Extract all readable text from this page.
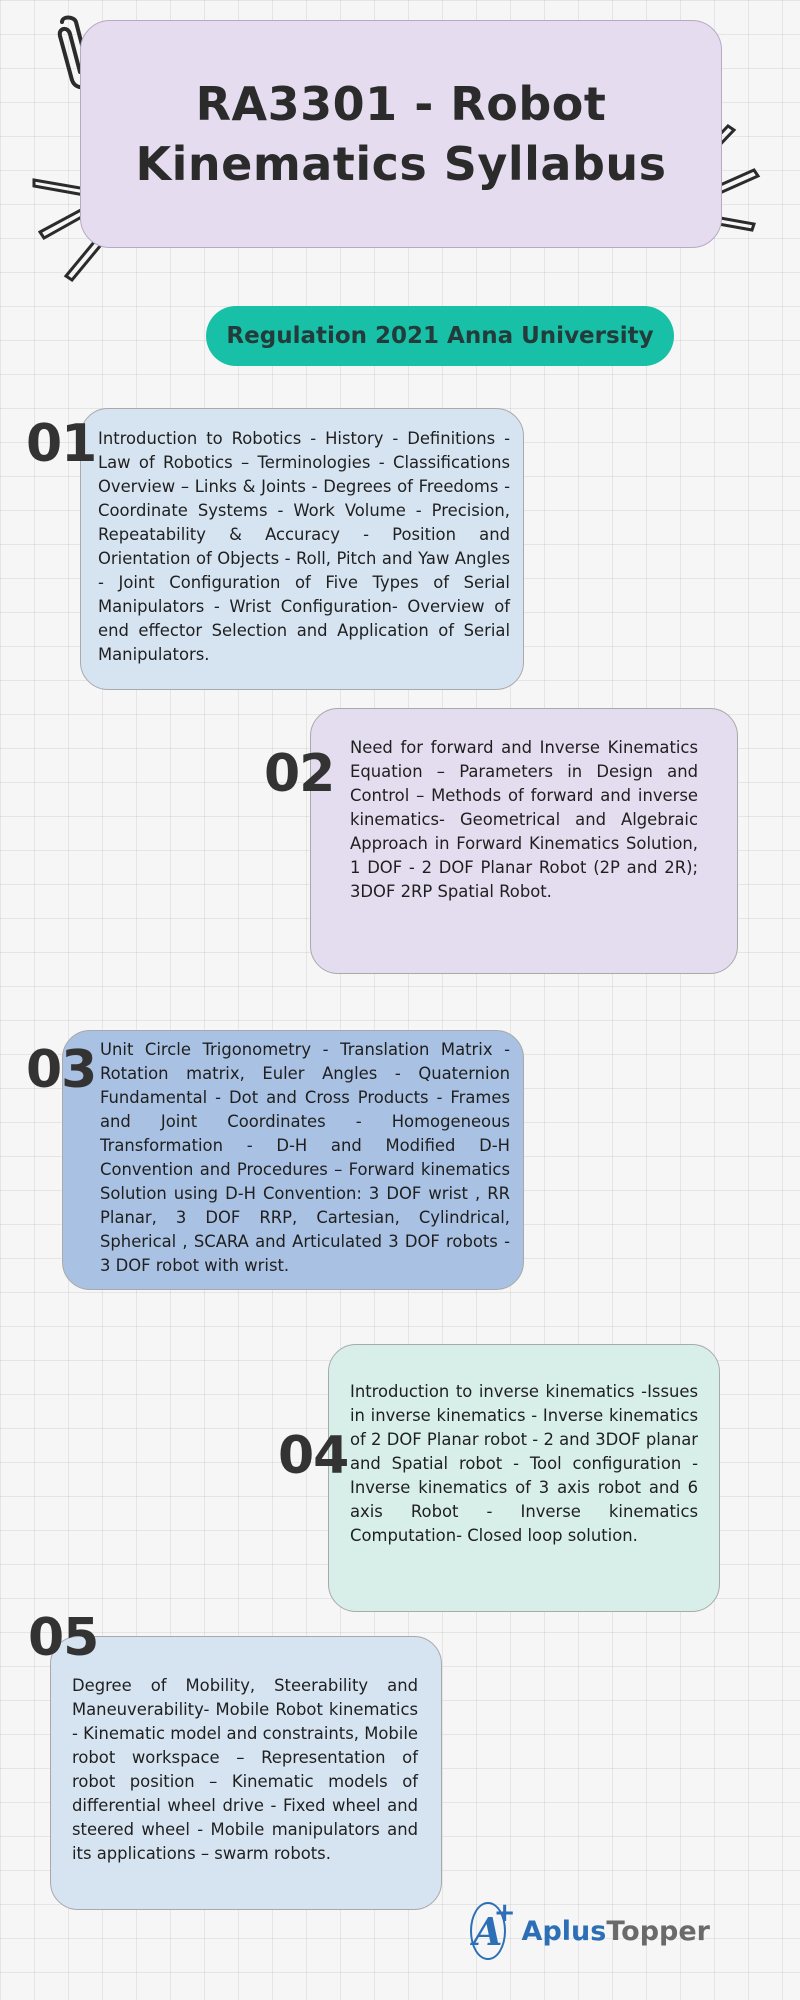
RA3301 - Robot Kinematics Syllabus
Regulation 2021 Anna University

Introduction to Robotics - History - Definitions - Law of Robotics – Terminologies - Classifications Overview – Links & Joints - Degrees of Freedoms - Coordinate Systems - Work Volume - Precision, Repeatability & Accuracy - Position and Orientation of Objects - Roll, Pitch and Yaw Angles - Joint Configuration of Five Types of Serial Manipulators - Wrist Configuration- Overview of end effector Selection and Application of Serial Manipulators.

01

Need for forward and Inverse Kinematics Equation – Parameters in Design and Control – Methods of forward and inverse kinematics- Geometrical and Algebraic Approach in Forward Kinematics Solution, 1 DOF - 2 DOF Planar Robot (2P and 2R); 3DOF 2RP Spatial Robot.

02

Unit Circle Trigonometry - Translation Matrix - Rotation matrix, Euler Angles - Quaternion Fundamental - Dot and Cross Products - Frames and Joint Coordinates - Homogeneous Transformation - D-H and Modified D-H Convention and Procedures – Forward kinematics Solution using D-H Convention: 3 DOF wrist , RR Planar, 3 DOF RRP, Cartesian, Cylindrical, Spherical , SCARA and Articulated 3 DOF robots - 3 DOF robot with wrist.

03

Introduction to inverse kinematics -Issues in inverse kinematics - Inverse kinematics of 2 DOF Planar robot - 2 and 3DOF planar and Spatial robot - Tool configuration - Inverse kinematics of 3 axis robot and 6 axis Robot - Inverse kinematics Computation- Closed loop solution.

04

Degree of Mobility, Steerability and Maneuverability- Mobile Robot kinematics - Kinematic model and constraints, Mobile robot workspace – Representation of robot position – Kinematic models of differential wheel drive - Fixed wheel and steered wheel - Mobile manipulators and its applications – swarm robots.

05
A
+
AplusTopper
